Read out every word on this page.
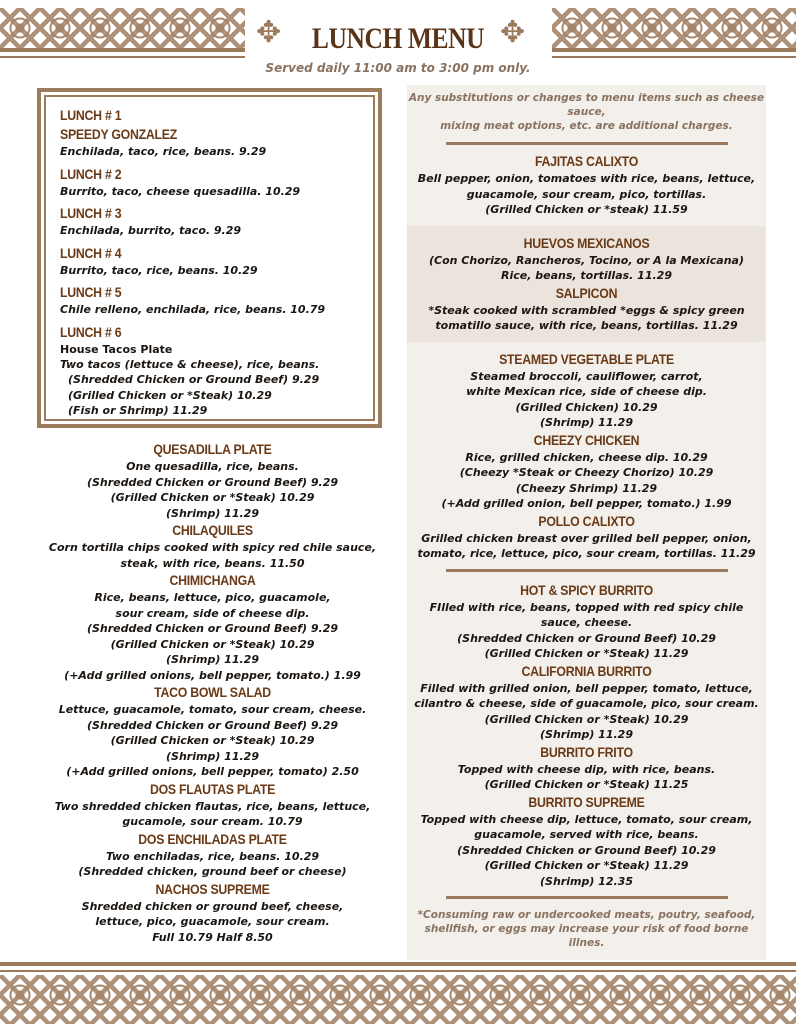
✥	✥
LUNCH MENU
Served daily 11:00 am to 3:00 pm only.
LUNCH # 1
SPEEDY GONZALEZ
Enchilada, taco, rice, beans. 9.29
LUNCH # 2
Burrito, taco, cheese quesadilla. 10.29
LUNCH # 3
Enchilada, burrito, taco. 9.29
LUNCH # 4
Burrito, taco, rice, beans. 10.29
LUNCH # 5
Chile relleno, enchilada, rice, beans. 10.79
LUNCH # 6
House Tacos Plate
Two tacos (lettuce & cheese), rice, beans.
(Shredded Chicken or Ground Beef) 9.29
(Grilled Chicken or *Steak) 10.29
(Fish or Shrimp) 11.29
QUESADILLA PLATE
One quesadilla, rice, beans.
(Shredded Chicken or Ground Beef) 9.29
(Grilled Chicken or *Steak) 10.29
(Shrimp) 11.29
CHILAQUILES
Corn tortilla chips cooked with spicy red chile sauce,
steak, with rice, beans. 11.50
CHIMICHANGA
Rice, beans, lettuce, pico, guacamole,
sour cream, side of cheese dip.
(Shredded Chicken or Ground Beef) 9.29
(Grilled Chicken or *Steak) 10.29
(Shrimp) 11.29
(+Add grilled onions, bell pepper, tomato.) 1.99
TACO BOWL SALAD
Lettuce, guacamole, tomato, sour cream, cheese.
(Shredded Chicken or Ground Beef) 9.29
(Grilled Chicken or *Steak) 10.29
(Shrimp) 11.29
(+Add grilled onions, bell pepper, tomato) 2.50
DOS FLAUTAS PLATE
Two shredded chicken flautas, rice, beans, lettuce,
gucamole, sour cream. 10.79
DOS ENCHILADAS PLATE
Two enchiladas, rice, beans. 10.29
(Shredded chicken, ground beef or cheese)
NACHOS SUPREME
Shredded chicken or ground beef, cheese,
lettuce, pico, guacamole, sour cream.
Full 10.79 Half 8.50
Any substitutions or changes to menu items such as cheese sauce,
mixing meat options, etc. are additional charges.
FAJITAS CALIXTO
Bell pepper, onion, tomatoes with rice, beans, lettuce,
guacamole, sour cream, pico, tortillas.
(Grilled Chicken or *steak) 11.59
HUEVOS MEXICANOS
(Con Chorizo, Rancheros, Tocino, or A la Mexicana)
Rice, beans, tortillas. 11.29
SALPICON
*Steak cooked with scrambled *eggs & spicy green
tomatillo sauce, with rice, beans, tortillas. 11.29
STEAMED VEGETABLE PLATE
Steamed broccoli, cauliflower, carrot,
white Mexican rice, side of cheese dip.
(Grilled Chicken) 10.29
(Shrimp) 11.29
CHEEZY CHICKEN
Rice, grilled chicken, cheese dip. 10.29
(Cheezy *Steak or Cheezy Chorizo) 10.29
(Cheezy Shrimp) 11.29
(+Add grilled onion, bell pepper, tomato.) 1.99
POLLO CALIXTO
Grilled chicken breast over grilled bell pepper, onion,
tomato, rice, lettuce, pico, sour cream, tortillas. 11.29
HOT & SPICY BURRITO
FIlled with rice, beans, topped with red spicy chile
sauce, cheese.
(Shredded Chicken or Ground Beef) 10.29
(Grilled Chicken or *Steak) 11.29
CALIFORNIA BURRITO
Filled with grilled onion, bell pepper, tomato, lettuce,
cilantro & cheese, side of guacamole, pico, sour cream.
(Grilled Chicken or *Steak) 10.29
(Shrimp) 11.29
BURRITO FRITO
Topped with cheese dip, with rice, beans.
(Grilled Chicken or *Steak) 11.25
BURRITO SUPREME
Topped with cheese dip, lettuce, tomato, sour cream,
guacamole, served with rice, beans.
(Shredded Chicken or Ground Beef) 10.29
(Grilled Chicken or *Steak) 11.29
(Shrimp) 12.35
*Consuming raw or undercooked meats, poutry, seafood,
shellfish, or eggs may increase your risk of food borne illnes.
